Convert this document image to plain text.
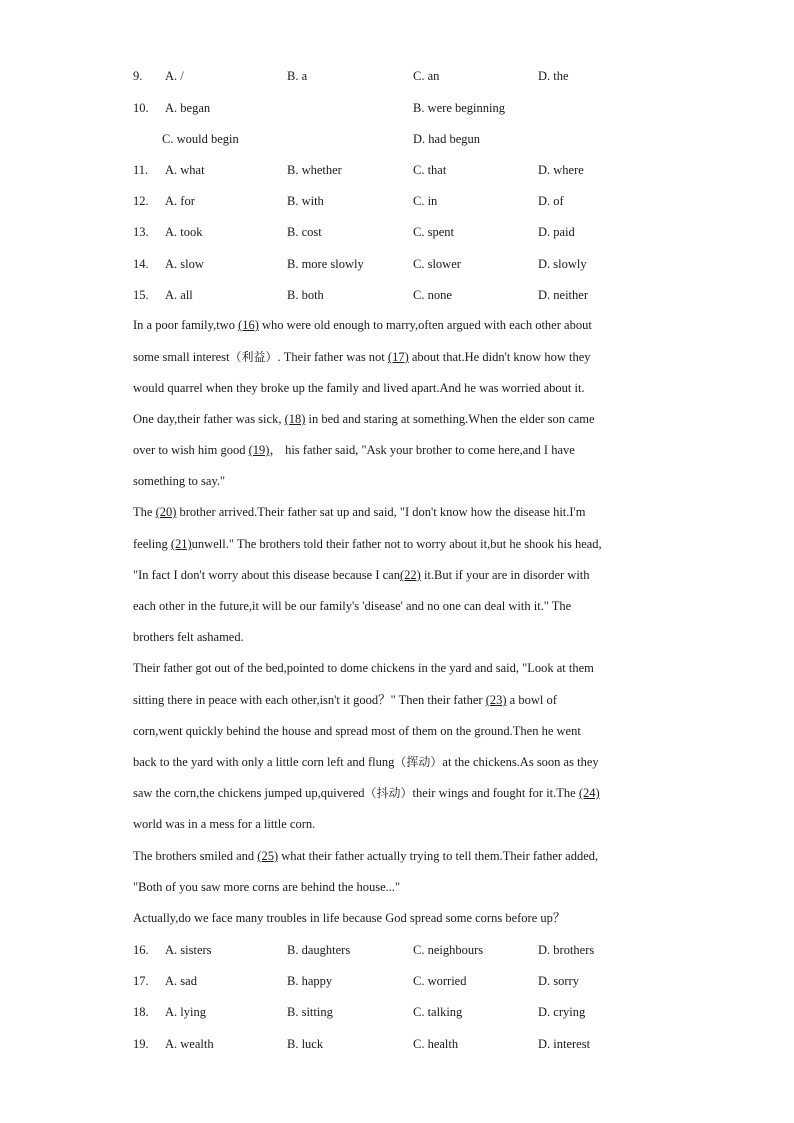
9. A. /	B. a	C. an	D. the
10. A. began	B. were beginning
C. would begin	D. had begun
11. A. what	B. whether	C. that	D. where
12. A. for	B. with	C. in	D. of
13. A. took	B. cost	C. spent	D. paid
14. A. slow	B. more slowly	C. slower	D. slowly
15. A. all	B. both	C. none	D. neither
In a poor family,two (16) who were old enough to marry,often argued with each other about
some small interest（利益）. Their father was not (17) about that.He didn't know how they
would quarrel when they broke up the family and lived apart.And he was worried about it.
One day,their father was sick, (18) in bed and staring at something.When the elder son came
over to wish him good (19)， his father said, "Ask your brother to come here,and I have
something to say."
The (20) brother arrived.Their father sat up and said, "I don't know how the disease hit.I'm
feeling (21)unwell." The brothers told their father not to worry about it,but he shook his head,
"In fact I don't worry about this disease because I can(22) it.But if your are in disorder with
each other in the future,it will be our family's 'disease' and no one can deal with it." The
brothers felt ashamed.
Their father got out of the bed,pointed to dome chickens in the yard and said, "Look at them
sitting there in peace with each other,isn't it good？" Then their father (23) a bowl of
corn,went quickly behind the house and spread most of them on the ground.Then he went
back to the yard with only a little corn left and flung（挥动）at the chickens.As soon as they
saw the corn,the chickens jumped up,quivered（抖动）their wings and fought for it.The (24)
world was in a mess for a little corn.
The brothers smiled and (25) what their father actually trying to tell them.Their father added,
"Both of you saw more corns are behind the house..."
Actually,do we face many troubles in life because God spread some corns before up？
16. A. sisters	B. daughters	C. neighbours	D. brothers
17. A. sad	B. happy	C. worried	D. sorry
18. A. lying	B. sitting	C. talking	D. crying
19. A. wealth	B. luck	C. health	D. interest
